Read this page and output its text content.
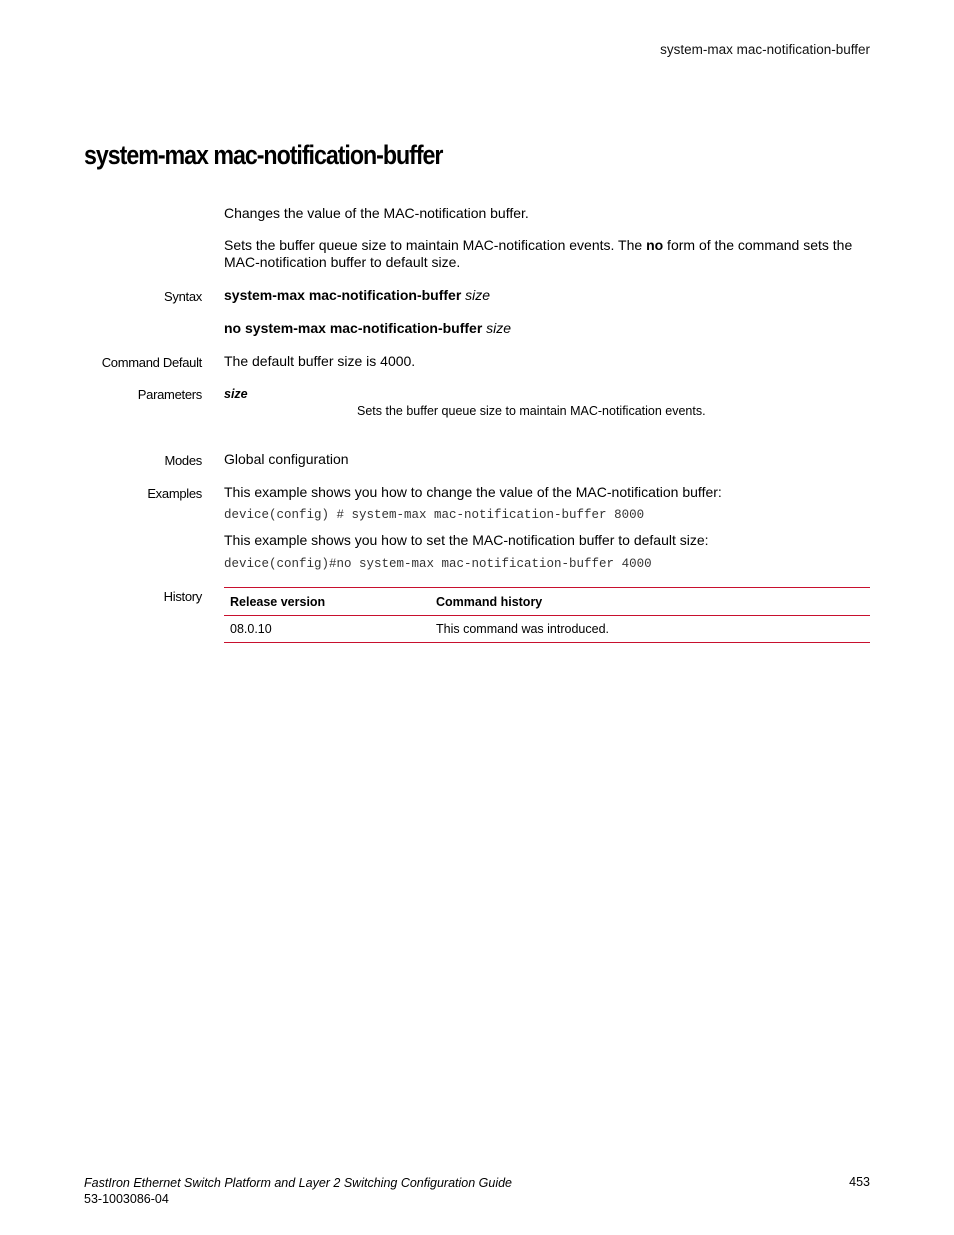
system-max mac-notification-buffer
system-max mac-notification-buffer
Changes the value of the MAC-notification buffer.
Sets the buffer queue size to maintain MAC-notification events. The no form of the command sets the MAC-notification buffer to default size.
Syntax system-max mac-notification-buffer size
no system-max mac-notification-buffer size
Command Default The default buffer size is 4000.
Parameters size
Sets the buffer queue size to maintain MAC-notification events.
Modes Global configuration
Examples This example shows you how to change the value of the MAC-notification buffer:
device(config) # system-max mac-notification-buffer 8000
This example shows you how to set the MAC-notification buffer to default size:
device(config)#no system-max mac-notification-buffer 4000
History Release version	Command history
08.0.10	This command was introduced.
FastIron Ethernet Switch Platform and Layer 2 Switching Configuration Guide
53-1003086-04
453
